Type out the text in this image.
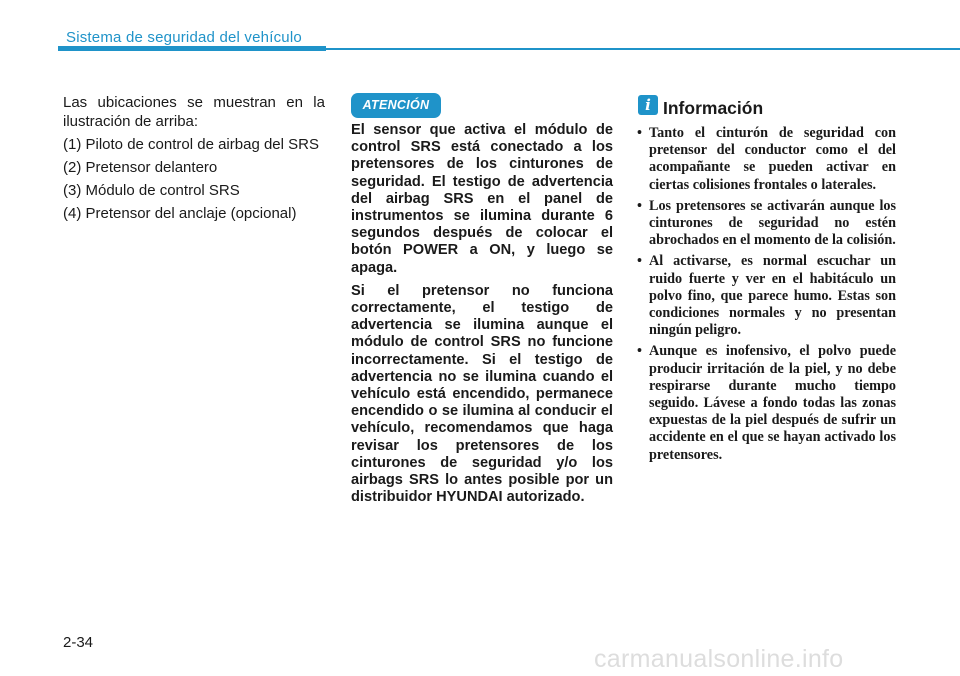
Sistema de seguridad del vehículo

Las ubicaciones se muestran en la ilustración de arriba:

(1) Piloto de control de airbag del SRS

(2) Pretensor delantero

(3) Módulo de control SRS

(4) Pretensor del anclaje (opcional)

ATENCIÓN

El sensor que activa el módulo de control SRS está conectado a los pretensores de los cinturones de seguridad. El testigo de advertencia del airbag SRS en el panel de instrumentos se ilumina durante 6 segundos después de colocar el botón POWER a ON, y luego se apaga.

Si el pretensor no funciona correctamente, el testigo de advertencia se ilumina aunque el módulo de control SRS no funcione incorrectamente. Si el testigo de advertencia no se ilumina cuando el vehículo está encendido, permanece encendido o se ilumina al conducir el vehículo, recomendamos que haga revisar los pretensores de los cinturones de seguridad y/o los airbags SRS lo antes posible por un distribuidor HYUNDAI autorizado.

i Información

• Tanto el cinturón de seguridad con pretensor del conductor como el del acompañante se pueden activar en ciertas colisiones frontales o laterales.

• Los pretensores se activarán aunque los cinturones de seguridad no estén abrochados en el momento de la colisión.

• Al activarse, es normal escuchar un ruido fuerte y ver en el habitáculo un polvo fino, que parece humo. Estas son condiciones normales y no presentan ningún peligro.

• Aunque es inofensivo, el polvo puede producir irritación de la piel, y no debe respirarse durante mucho tiempo seguido. Lávese a fondo todas las zonas expuestas de la piel después de sufrir un accidente en el que se hayan activado los pretensores.

2-34
carmanualsonline.info
